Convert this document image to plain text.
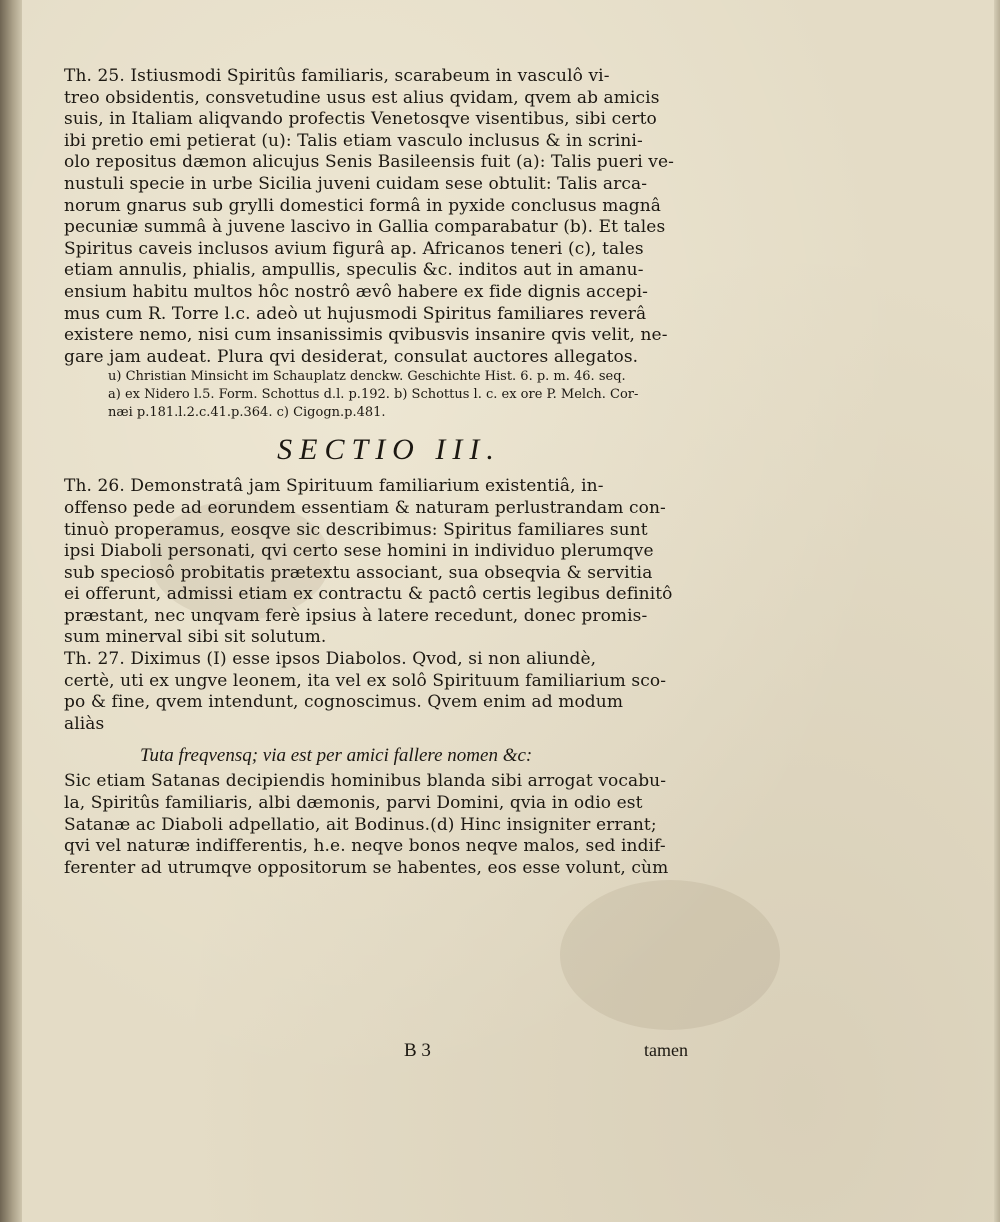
Th. 25. Istiusmodi Spiritûs familiaris, scarabeum in vasculô vi-
treo obsidentis, consvetudine usus est alius qvidam, qvem ab amicis
suis, in Italiam aliqvando profectis Venetosqve visentibus, sibi certo
ibi pretio emi petierat (u): Talis etiam vasculo inclusus & in scrini-
olo repositus dæmon alicujus Senis Basileensis fuit (a): Talis pueri ve-
nustuli specie in urbe Sicilia juveni cuidam sese obtulit: Talis arca-
norum gnarus sub grylli domestici formâ in pyxide conclusus magnâ
pecuniæ summâ à juvene lascivo in Gallia comparabatur (b). Et tales
Spiritus caveis inclusos avium figurâ ap. Africanos teneri (c), tales
etiam annulis, phialis, ampullis, speculis &c. inditos aut in amanu-
ensium habitu multos hôc nostrô ævô habere ex fide dignis accepi-
mus cum R. Torre l.c. adeò ut hujusmodi Spiritus familiares reverâ
existere nemo, nisi cum insanissimis qvibusvis insanire qvis velit, ne-
gare jam audeat. Plura qvi desiderat, consulat auctores allegatos.
u) Christian Minsicht im Schauplatz denckw. Geschichte Hist. 6. p. m. 46. seq.
a) ex Nidero l.5. Form. Schottus d.l. p.192. b) Schottus l. c. ex ore P. Melch. Cor-
næi p.181.l.2.c.41.p.364. c) Cigogn.p.481.
SECTIO III.
Th. 26. Demonstratâ jam Spirituum familiarium existentiâ, in-
offenso pede ad eorundem essentiam & naturam perlustrandam con-
tinuò properamus, eosqve sic describimus: Spiritus familiares sunt
ipsi Diaboli personati, qvi certo sese homini in individuo plerumqve
sub speciosô probitatis prætextu associant, sua obseqvia & servitia
ei offerunt, admissi etiam ex contractu & pactô certis legibus definitô
præstant, nec unqvam ferè ipsius à latere recedunt, donec promis-
sum minerval sibi sit solutum.
Th. 27. Diximus (I) esse ipsos Diabolos. Qvod, si non aliundè,
certè, uti ex ungve leonem, ita vel ex solô Spirituum familiarium sco-
po & fine, qvem intendunt, cognoscimus. Qvem enim ad modum
aliàs
Tuta freqvensq; via est per amici fallere nomen &c:
Sic etiam Satanas decipiendis hominibus blanda sibi arrogat vocabu-
la, Spiritûs familiaris, albi dæmonis, parvi Domini, qvia in odio est
Satanæ ac Diaboli adpellatio, ait Bodinus.(d) Hinc insigniter errant;
qvi vel naturæ indifferentis, h.e. neqve bonos neqve malos, sed indif-
ferenter ad utrumqve oppositorum se habentes, eos esse volunt, cùm
B 3	tamen
